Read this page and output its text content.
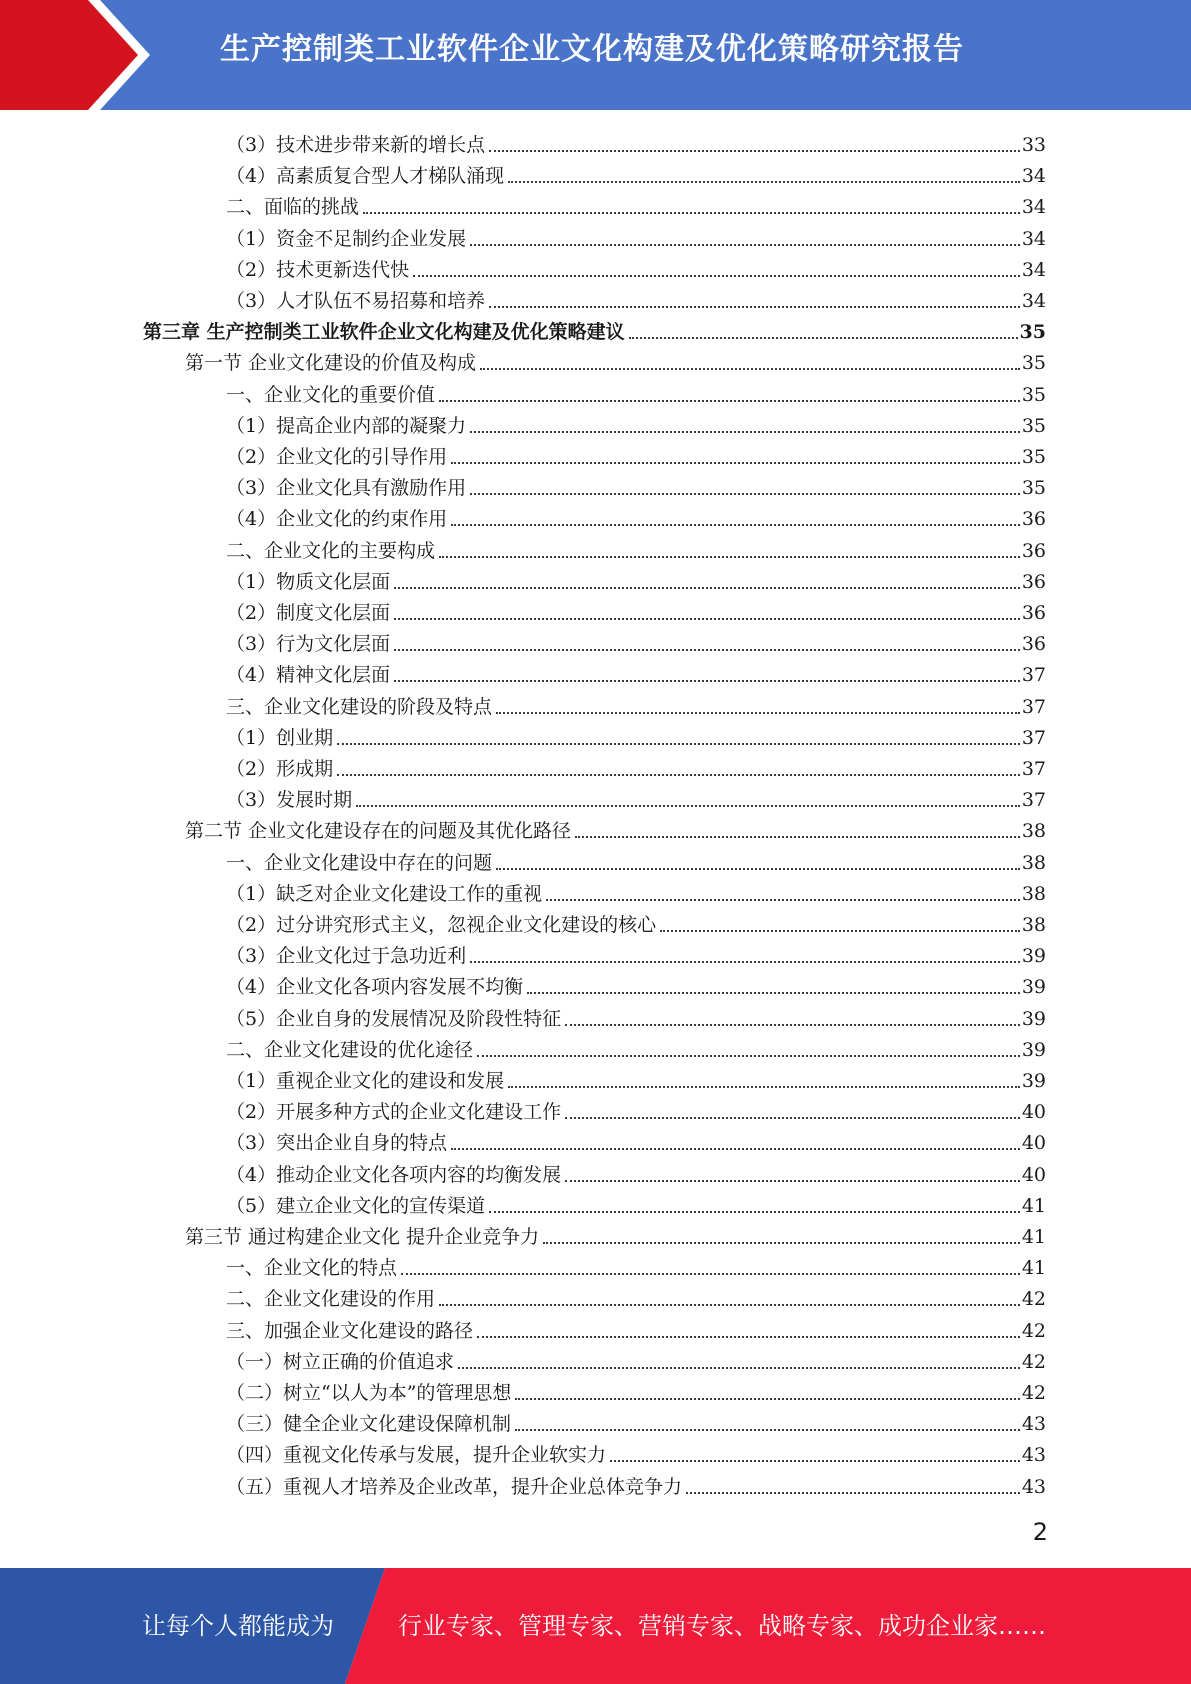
生产控制类工业软件企业文化构建及优化策略研究报告
（3）技术进步带来新的增长点	33
（4）高素质复合型人才梯队涌现	34
二、面临的挑战	34
（1）资金不足制约企业发展	34
（2）技术更新迭代快	34
（3）人才队伍不易招募和培养	34
第三章 生产控制类工业软件企业文化构建及优化策略建议	35
第一节 企业文化建设的价值及构成	35
一、企业文化的重要价值	35
（1）提高企业内部的凝聚力	35
（2）企业文化的引导作用	35
（3）企业文化具有激励作用	35
（4）企业文化的约束作用	36
二、企业文化的主要构成	36
（1）物质文化层面	36
（2）制度文化层面	36
（3）行为文化层面	36
（4）精神文化层面	37
三、企业文化建设的阶段及特点	37
（1）创业期	37
（2）形成期	37
（3）发展时期	37
第二节 企业文化建设存在的问题及其优化路径	38
一、企业文化建设中存在的问题	38
（1）缺乏对企业文化建设工作的重视	38
（2）过分讲究形式主义，忽视企业文化建设的核心	38
（3）企业文化过于急功近利	39
（4）企业文化各项内容发展不均衡	39
（5）企业自身的发展情况及阶段性特征	39
二、企业文化建设的优化途径	39
（1）重视企业文化的建设和发展	39
（2）开展多种方式的企业文化建设工作	40
（3）突出企业自身的特点	40
（4）推动企业文化各项内容的均衡发展	40
（5）建立企业文化的宣传渠道	41
第三节 通过构建企业文化 提升企业竞争力	41
一、企业文化的特点	41
二、企业文化建设的作用	42
三、加强企业文化建设的路径	42
（一）树立正确的价值追求	42
（二）树立“以人为本”的管理思想	42
（三）健全企业文化建设保障机制	43
（四）重视文化传承与发展，提升企业软实力	43
（五）重视人才培养及企业改革，提升企业总体竞争力	43
2
让每个人都能成为	行业专家、管理专家、营销专家、战略专家、成功企业家……
